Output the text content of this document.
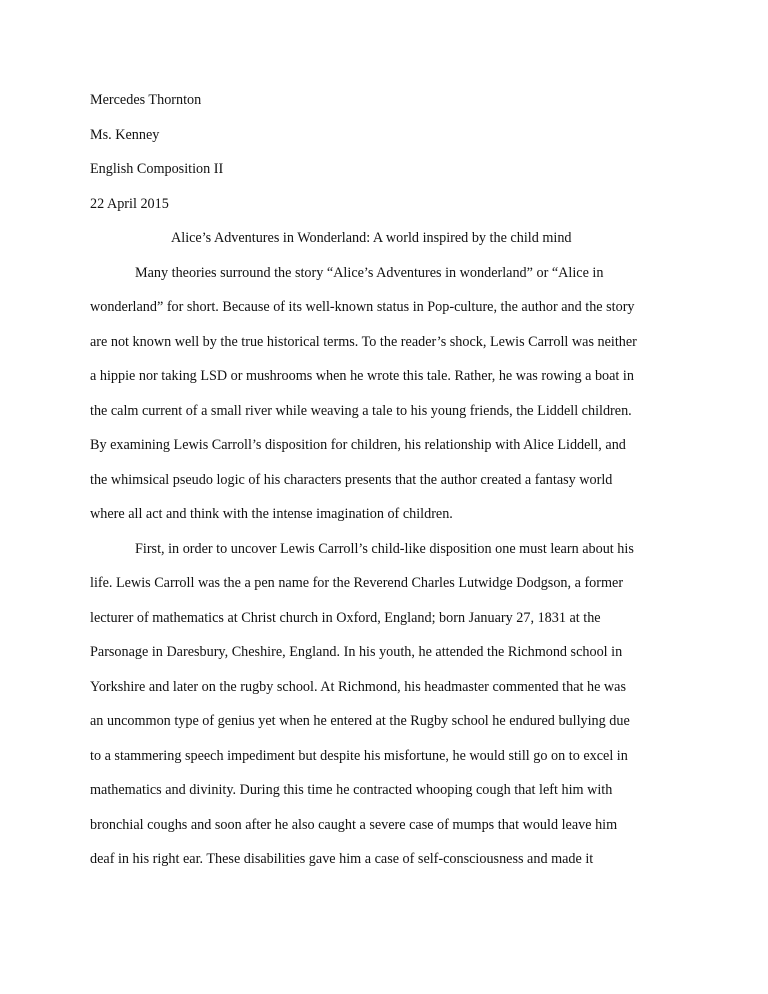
Mercedes Thornton
Ms. Kenney
English Composition II
22 April 2015
Alice’s Adventures in Wonderland: A world inspired by the child mind
Many theories surround the story “Alice’s Adventures in wonderland” or “Alice in
wonderland” for short. Because of its well-known status in Pop-culture, the author and the story
are not known well by the true historical terms. To the reader’s shock, Lewis Carroll was neither
a hippie nor taking LSD or mushrooms when he wrote this tale. Rather, he was rowing a boat in
the calm current of a small river while weaving a tale to his young friends, the Liddell children.
By examining Lewis Carroll’s disposition for children, his relationship with Alice Liddell, and
the whimsical pseudo logic of his characters presents that the author created a fantasy world
where all act and think with the intense imagination of children.
First, in order to uncover Lewis Carroll’s child-like disposition one must learn about his
life. Lewis Carroll was the a pen name for the Reverend Charles Lutwidge Dodgson, a former
lecturer of mathematics at Christ church in Oxford, England; born January 27, 1831 at the
Parsonage in Daresbury, Cheshire, England. In his youth, he attended the Richmond school in
Yorkshire and later on the rugby school. At Richmond, his headmaster commented that he was
an uncommon type of genius yet when he entered at the Rugby school he endured bullying due
to a stammering speech impediment but despite his misfortune, he would still go on to excel in
mathematics and divinity. During this time he contracted whooping cough that left him with
bronchial coughs and soon after he also caught a severe case of mumps that would leave him
deaf in his right ear. These disabilities gave him a case of self-consciousness and made it
